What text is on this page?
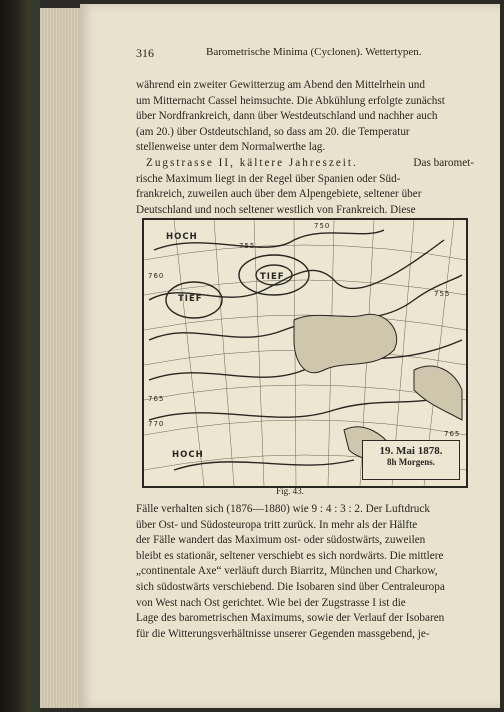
316	Barometrische Minima (Cyclonen). Wettertypen.

während ein zweiter Gewitterzug am Abend den Mittelrhein und

um Mitternacht Cassel heimsuchte. Die Abkühlung erfolgte zunächst

über Nordfrankreich, dann über Westdeutschland und nachher auch

(am 20.) über Ostdeutschland, so dass am 20. die Temperatur

stellenweise unter dem Normalwerthe lag.

Zugstrasse II, kältere Jahreszeit.	Das baromet-

rische Maximum liegt in der Regel über Spanien oder Süd-

frankreich, zuweilen auch über dem Alpengebiete, seltener über

Deutschland und noch seltener westlich von Frankreich. Diese

HOCH
TIEF
TIEF
HOCH
750
755
760
765
770
755
765
19. Mai 1878.
8h Morgens.
Fig. 43.

Fälle verhalten sich (1876—1880) wie 9 : 4 : 3 : 2. Der Luftdruck

über Ost- und Südosteuropa tritt zurück. In mehr als der Hälfte

der Fälle wandert das Maximum ost- oder südostwärts, zuweilen

bleibt es stationär, seltener verschiebt es sich nordwärts. Die mittlere

„continentale Axe“ verläuft durch Biarritz, München und Charkow,

sich südostwärts verschiebend. Die Isobaren sind über Centraleuropa

von West nach Ost gerichtet. Wie bei der Zugstrasse I ist die

Lage des barometrischen Maximums, sowie der Verlauf der Isobaren

für die Witterungsverhältnisse unserer Gegenden massgebend, je-
